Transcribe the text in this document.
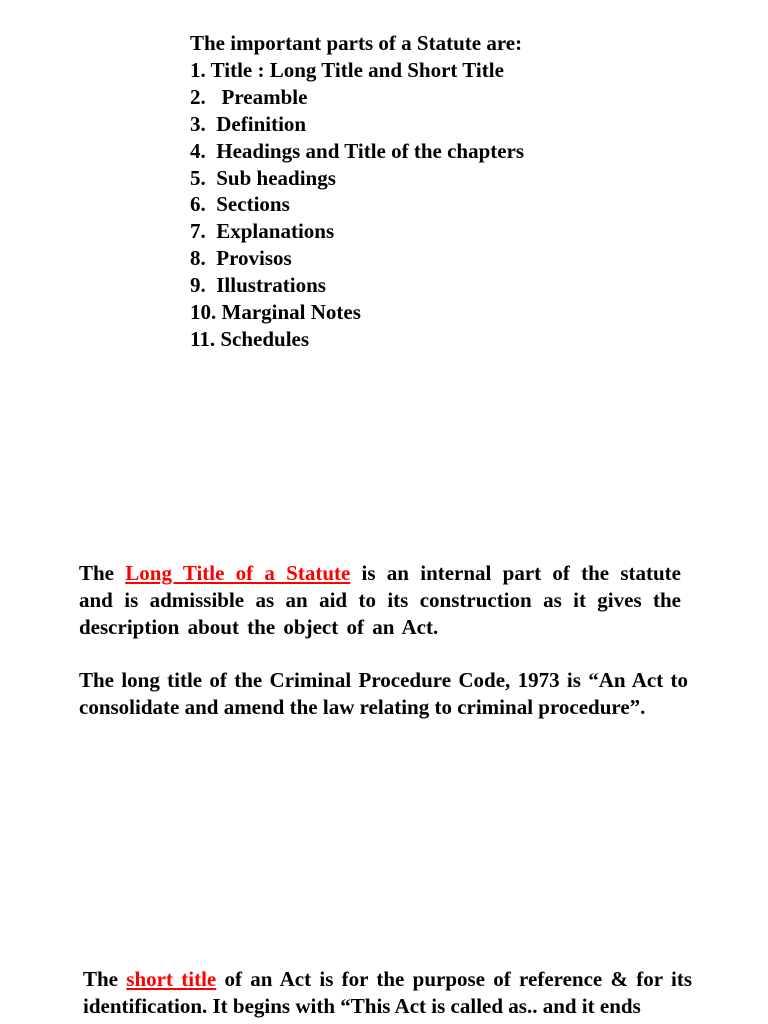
The important parts of a Statute are:
1. Title : Long Title and Short Title
2.   Preamble
3.  Definition
4.  Headings and Title of the chapters
5.  Sub headings
6.  Sections
7.  Explanations
8.  Provisos
9.  Illustrations
10. Marginal Notes
11. Schedules
The Long Title of a Statute is an internal part of the statute and is admissible as an aid to its construction as it gives the description about the object of an Act.
The long title of the Criminal Procedure Code, 1973 is “An Act to consolidate and amend the law relating to criminal procedure”.
The short title of an Act is for the purpose of reference & for its identification. It begins with “This Act is called as.. and it ends
